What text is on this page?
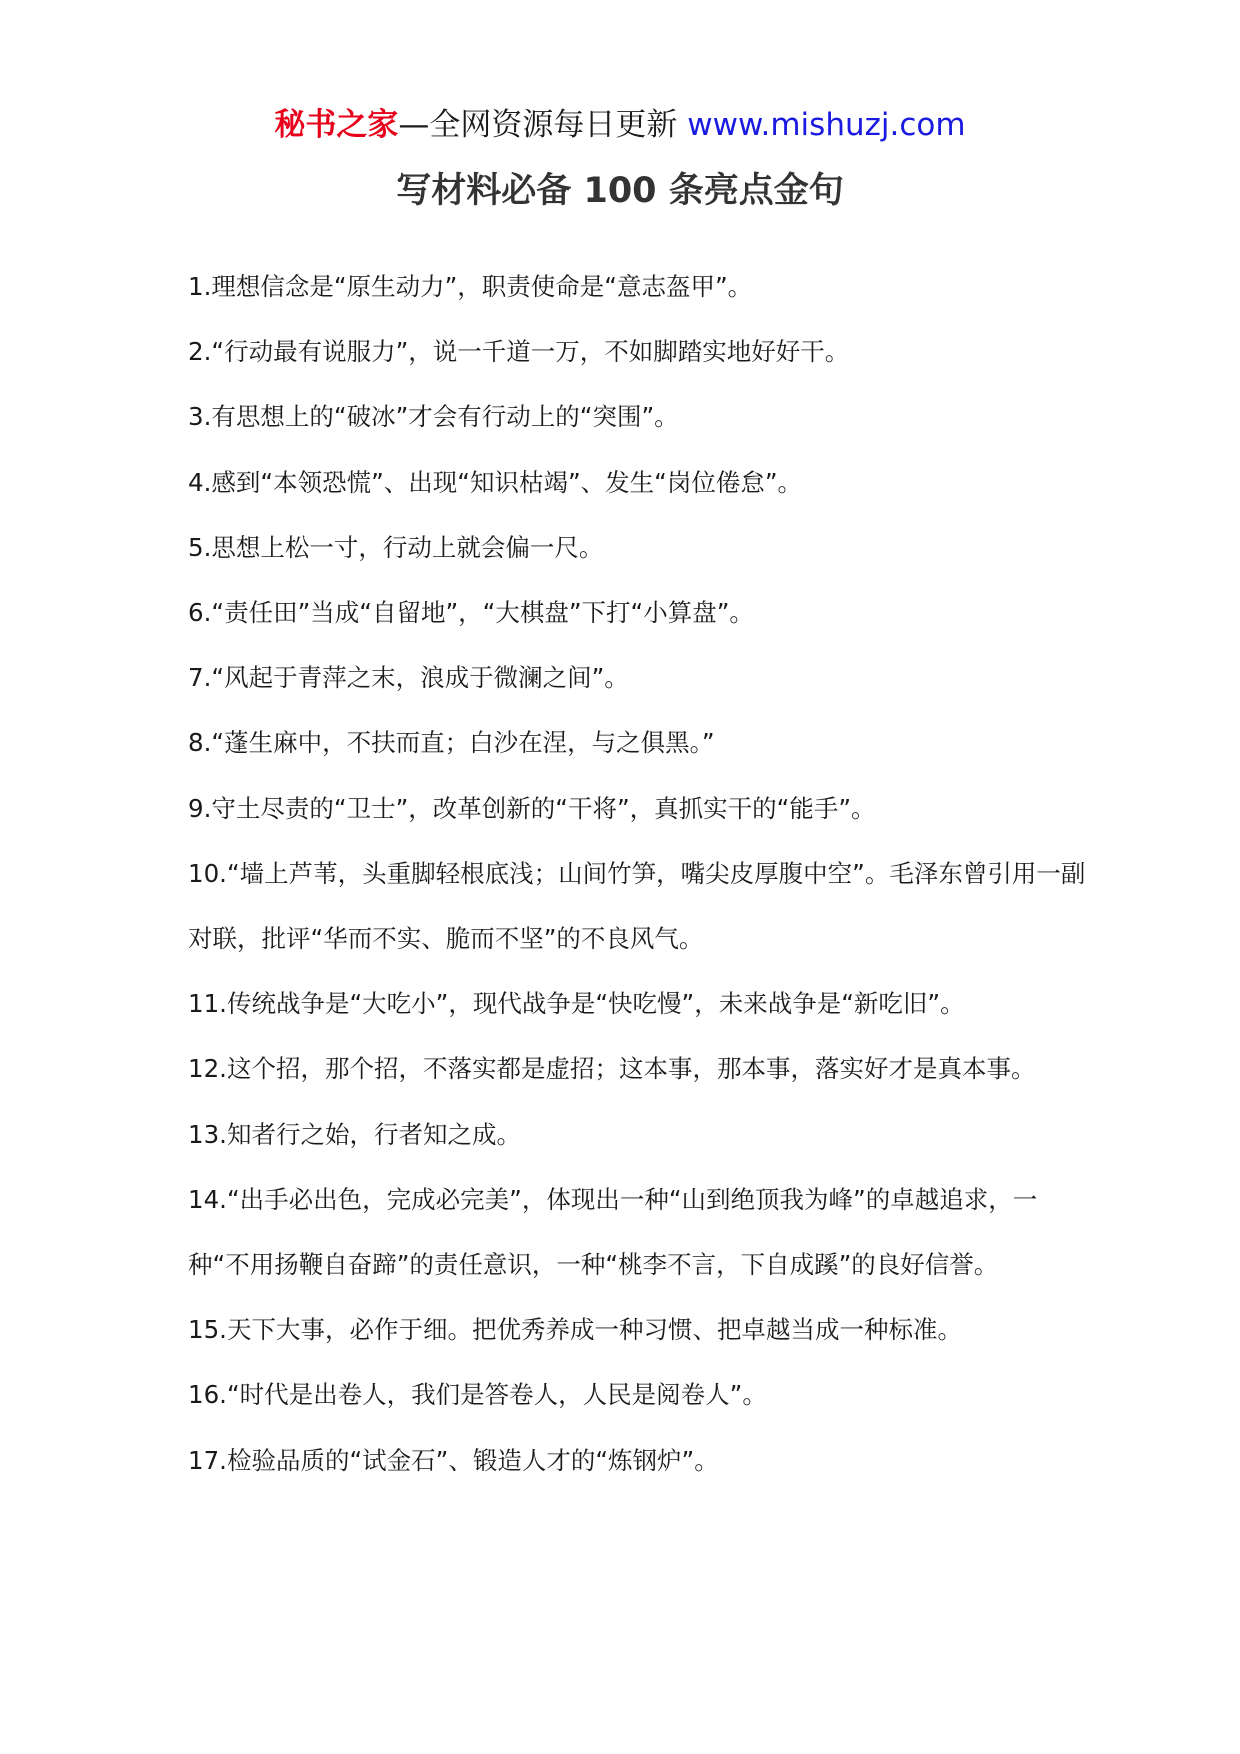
秘书之家—全网资源每日更新 www.mishuzj.com
写材料必备 100 条亮点金句

1.理想信念是“原生动力”，职责使命是“意志盔甲”。

2.“行动最有说服力”，说一千道一万，不如脚踏实地好好干。

3.有思想上的“破冰”才会有行动上的“突围”。

4.感到“本领恐慌”、出现“知识枯竭”、发生“岗位倦怠”。

5.思想上松一寸，行动上就会偏一尺。

6.“责任田”当成“自留地”，“大棋盘”下打“小算盘”。

7.“风起于青萍之末，浪成于微澜之间”。

8.“蓬生麻中，不扶而直；白沙在涅，与之俱黑。”

9.守土尽责的“卫士”，改革创新的“干将”，真抓实干的“能手”。

10.“墙上芦苇，头重脚轻根底浅；山间竹笋，嘴尖皮厚腹中空”。毛泽东曾引用一副对联，批评“华而不实、脆而不坚”的不良风气。

11.传统战争是“大吃小”，现代战争是“快吃慢”，未来战争是“新吃旧”。

12.这个招，那个招，不落实都是虚招；这本事，那本事，落实好才是真本事。

13.知者行之始，行者知之成。

14.“出手必出色，完成必完美”，体现出一种“山到绝顶我为峰”的卓越追求，一种“不用扬鞭自奋蹄”的责任意识，一种“桃李不言，下自成蹊”的良好信誉。

15.天下大事，必作于细。把优秀养成一种习惯、把卓越当成一种标准。

16.“时代是出卷人，我们是答卷人，人民是阅卷人”。

17.检验品质的“试金石”、锻造人才的“炼钢炉”。
